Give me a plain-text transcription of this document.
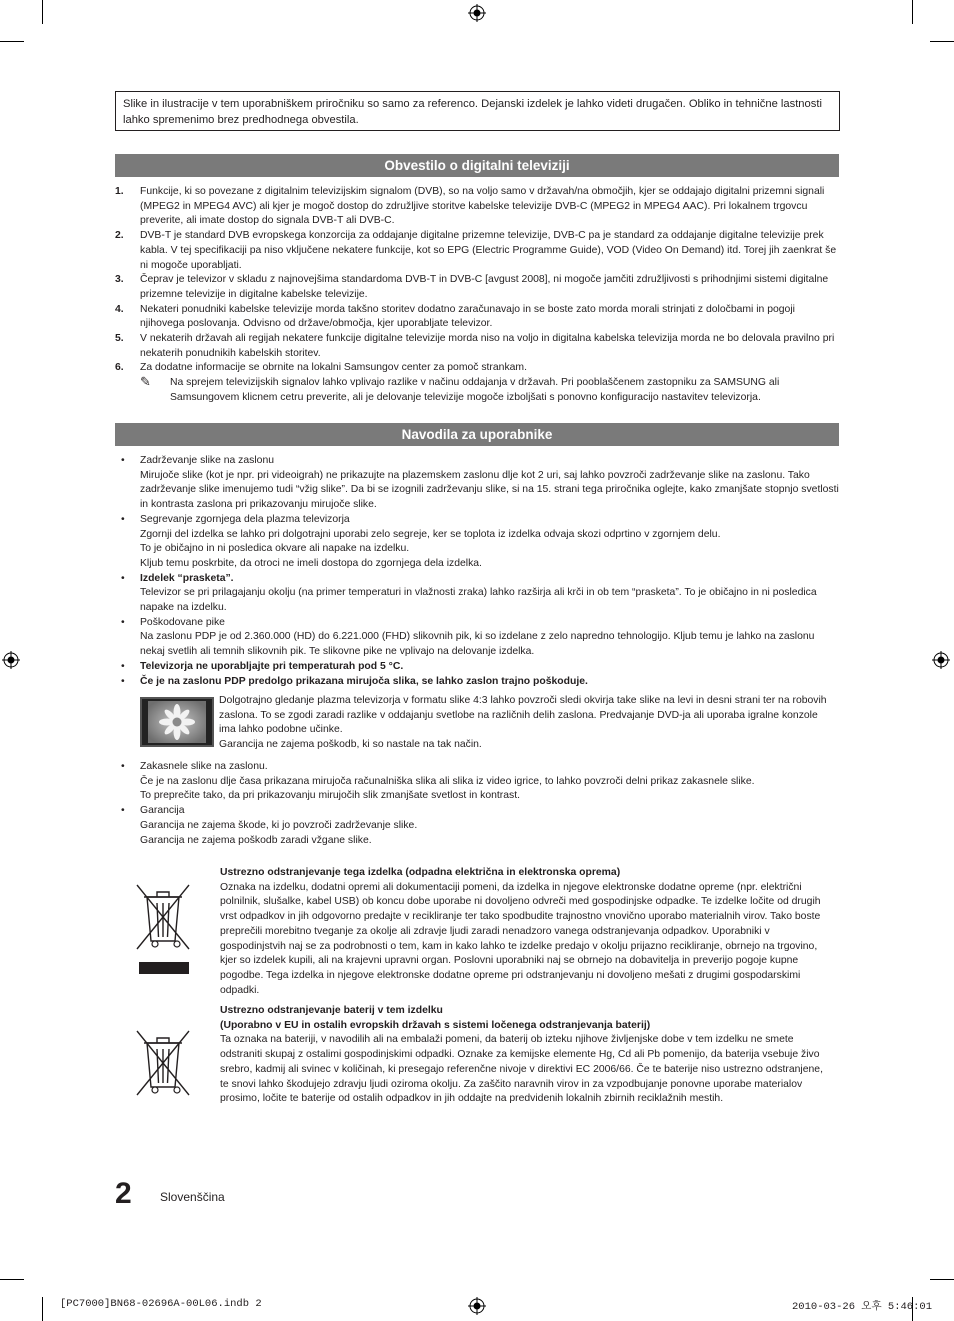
Slike in ilustracije v tem uporabniškem priročniku so samo za referenco. Dejanski izdelek je lahko videti drugačen. Obliko in tehnične lastnosti lahko spremenimo brez predhodnega obvestila.
Obvestilo o digitalni televiziji
1. Funkcije, ki so povezane z digitalnim televizijskim signalom (DVB), so na voljo samo v državah/na območjih, kjer se oddajajo digitalni prizemni signali (MPEG2 in MPEG4 AVC) ali kjer je mogoč dostop do združljive storitve kabelske televizije DVB-C (MPEG2 in MPEG4 AAC). Pri lokalnem trgovcu preverite, ali imate dostop do signala DVB-T ali DVB-C.
2. DVB-T je standard DVB evropskega konzorcija za oddajanje digitalne prizemne televizije, DVB-C pa je standard za oddajanje digitalne televizije prek kabla. V tej specifikaciji pa niso vključene nekatere funkcije, kot so EPG (Electric Programme Guide), VOD (Video On Demand) itd. Torej jih zaenkrat še ni mogoče uporabljati.
3. Čeprav je televizor v skladu z najnovejšima standardoma DVB-T in DVB-C [avgust 2008], ni mogoče jamčiti združljivosti s prihodnjimi sistemi digitalne prizemne televizije in digitalne kabelske televizije.
4. Nekateri ponudniki kabelske televizije morda takšno storitev dodatno zaračunavajo in se boste zato morda morali strinjati z določbami in pogoji njihovega poslovanja. Odvisno od države/območja, kjer uporabljate televizor.
5. V nekaterih državah ali regijah nekatere funkcije digitalne televizije morda niso na voljo in digitalna kabelska televizija morda ne bo delovala pravilno pri nekaterih ponudnikih kabelskih storitev.
6. Za dodatne informacije se obrnite na lokalni Samsungov center za pomoč strankam.
✎ Na sprejem televizijskih signalov lahko vplivajo razlike v načinu oddajanja v državah. Pri pooblaščenem zastopniku za SAMSUNG ali Samsungovem klicnem cetru preverite, ali je delovanje televizije mogoče izboljšati s ponovno konfiguracijo nastavitev televizorja.
Navodila za uporabnike
• Zadrževanje slike na zaslonu
Mirujoče slike (kot je npr. pri videoigrah) ne prikazujte na plazemskem zaslonu dlje kot 2 uri, saj lahko povzroči zadrževanje slike na zaslonu. Tako zadrževanje slike imenujemo tudi “vžig slike”. Da bi se izognili zadrževanju slike, si na 15. strani tega priročnika oglejte, kako zmanjšate stopnjo svetlosti in kontrasta zaslona pri prikazovanju mirujoče slike.
• Segrevanje zgornjega dela plazma televizorja
Zgornji del izdelka se lahko pri dolgotrajni uporabi zelo segreje, ker se toplota iz izdelka odvaja skozi odprtino v zgornjem delu.
To je običajno in ni posledica okvare ali napake na izdelku.
Kljub temu poskrbite, da otroci ne imeli dostopa do zgornjega dela izdelka.
• Izdelek “prasketa”.
Televizor se pri prilagajanju okolju (na primer temperaturi in vlažnosti zraka) lahko razširja ali krči in ob tem “prasketa”. To je običajno in ni posledica napake na izdelku.
• Poškodovane pike
Na zaslonu PDP je od 2.360.000 (HD) do 6.221.000 (FHD) slikovnih pik, ki so izdelane z zelo napredno tehnologijo. Kljub temu je lahko na zaslonu nekaj svetlih ali temnih slikovnih pik. Te slikovne pike ne vplivajo na delovanje izdelka.
• Televizorja ne uporabljajte pri temperaturah pod 5 °C.
• Če je na zaslonu PDP predolgo prikazana mirujoča slika, se lahko zaslon trajno poškoduje.
Dolgotrajno gledanje plazma televizorja v formatu slike 4:3 lahko povzroči sledi okvirja take slike na levi in desni strani ter na robovih zaslona. To se zgodi zaradi razlike v oddajanju svetlobe na različnih delih zaslona. Predvajanje DVD-ja ali uporaba igralne konzole ima lahko podobne učinke.
Garancija ne zajema poškodb, ki so nastale na tak način.
• Zakasnele slike na zaslonu.
Če je na zaslonu dlje časa prikazana mirujoča računalniška slika ali slika iz video igrice, to lahko povzroči delni prikaz zakasnele slike.
To preprečite tako, da pri prikazovanju mirujočih slik zmanjšate svetlost in kontrast.
• Garancija
Garancija ne zajema škode, ki jo povzroči zadrževanje slike.
Garancija ne zajema poškodb zaradi vžgane slike.
Ustrezno odstranjevanje tega izdelka (odpadna električna in elektronska oprema)
Oznaka na izdelku, dodatni opremi ali dokumentaciji pomeni, da izdelka in njegove elektronske dodatne opreme (npr. električni polnilnik, slušalke, kabel USB) ob koncu dobe uporabe ni dovoljeno odvreči med gospodinjske odpadke. Te izdelke ločite od drugih vrst odpadkov in jih odgovorno predajte v recikliranje ter tako spodbudite trajnostno vnovično uporabo materialnih virov. Tako boste preprečili morebitno tveganje za okolje ali zdravje ljudi zaradi nenadzoro vanega odstranjevanja odpadkov. Uporabniki v gospodinjstvih naj se za podrobnosti o tem, kam in kako lahko te izdelke predajo v okolju prijazno recikliranje, obrnejo na trgovino, kjer so izdelek kupili, ali na krajevni upravni organ. Poslovni uporabniki naj se obrnejo na dobavitelja in preverijo pogoje kupne pogodbe. Tega izdelka in njegove elektronske dodatne opreme pri odstranjevanju ni dovoljeno mešati z drugimi gospodarskimi odpadki.
Ustrezno odstranjevanje baterij v tem izdelku
(Uporabno v EU in ostalih evropskih državah s sistemi ločenega odstranjevanja baterij)
Ta oznaka na bateriji, v navodilih ali na embalaži pomeni, da baterij ob izteku njihove življenjske dobe v tem izdelku ne smete odstraniti skupaj z ostalimi gospodinjskimi odpadki. Oznake za kemijske elemente Hg, Cd ali Pb pomenijo, da baterija vsebuje živo srebro, kadmij ali svinec v količinah, ki presegajo referenčne nivoje v direktivi EC 2006/66. Če te baterije niso ustrezno odstranjene, te snovi lahko škodujejo zdravju ljudi oziroma okolju. Za zaščito naravnih virov in za vzpodbujanje ponovne uporabe materialov prosimo, ločite te baterije od ostalih odpadkov in jih oddajte na predvidenih lokalnih zbirnih reciklažnih mestih.
2 Slovenščina
[PC7000]BN68-02696A-00L06.indb 2	2010-03-26 오후 5:46:01
